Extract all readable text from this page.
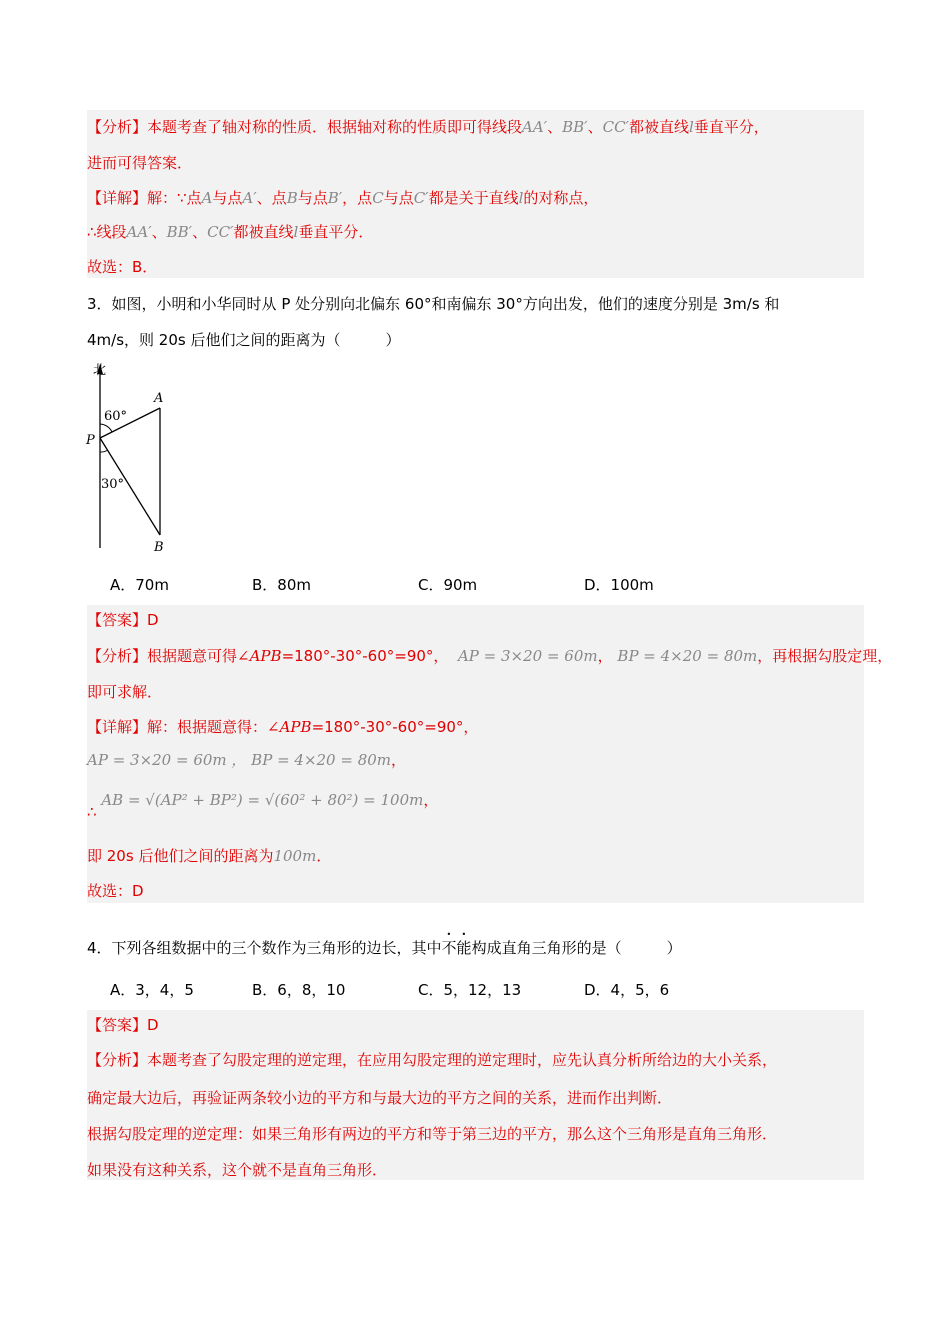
【分析】本题考查了轴对称的性质．根据轴对称的性质即可得线段AA′、BB′、CC′都被直线l垂直平分，
进而可得答案．
【详解】解：∵点A与点A′、点B与点B′，点C与点C′都是关于直线l的对称点，
∴线段AA′、BB′、CC′都被直线l垂直平分．
故选：B．
3．如图，小明和小华同时从 P 处分别向北偏东 60°和南偏东 30°方向出发，他们的速度分别是 3m/s 和
4m/s，则 20s 后他们之间的距离为（　　　）
北
60°
30°
A
P
B
A．70m	B．80m	C．90m	D．100m
【答案】D
【分析】根据题意可得∠APB=180°-30°-60°=90°， AP = 3×20 = 60m， BP = 4×20 = 80m，再根据勾股定理，
即可求解．
【详解】解：根据题意得：∠APB=180°-30°-60°=90°，
AP = 3×20 = 60m ， BP = 4×20 = 80m，
∴ AB = √(AP² + BP²) = √(60² + 80²) = 100m，
即 20s 后他们之间的距离为100m．
故选：D
4．下列各组数据中的三个数作为三角形的边长，其中不能构成直角三角形的是（　　　）
A．3，4，5	B．6，8，10	C．5，12，13	D．4，5，6
【答案】D
【分析】本题考查了勾股定理的逆定理，在应用勾股定理的逆定理时，应先认真分析所给边的大小关系，
确定最大边后，再验证两条较小边的平方和与最大边的平方之间的关系，进而作出判断．
根据勾股定理的逆定理：如果三角形有两边的平方和等于第三边的平方，那么这个三角形是直角三角形．
如果没有这种关系，这个就不是直角三角形．
